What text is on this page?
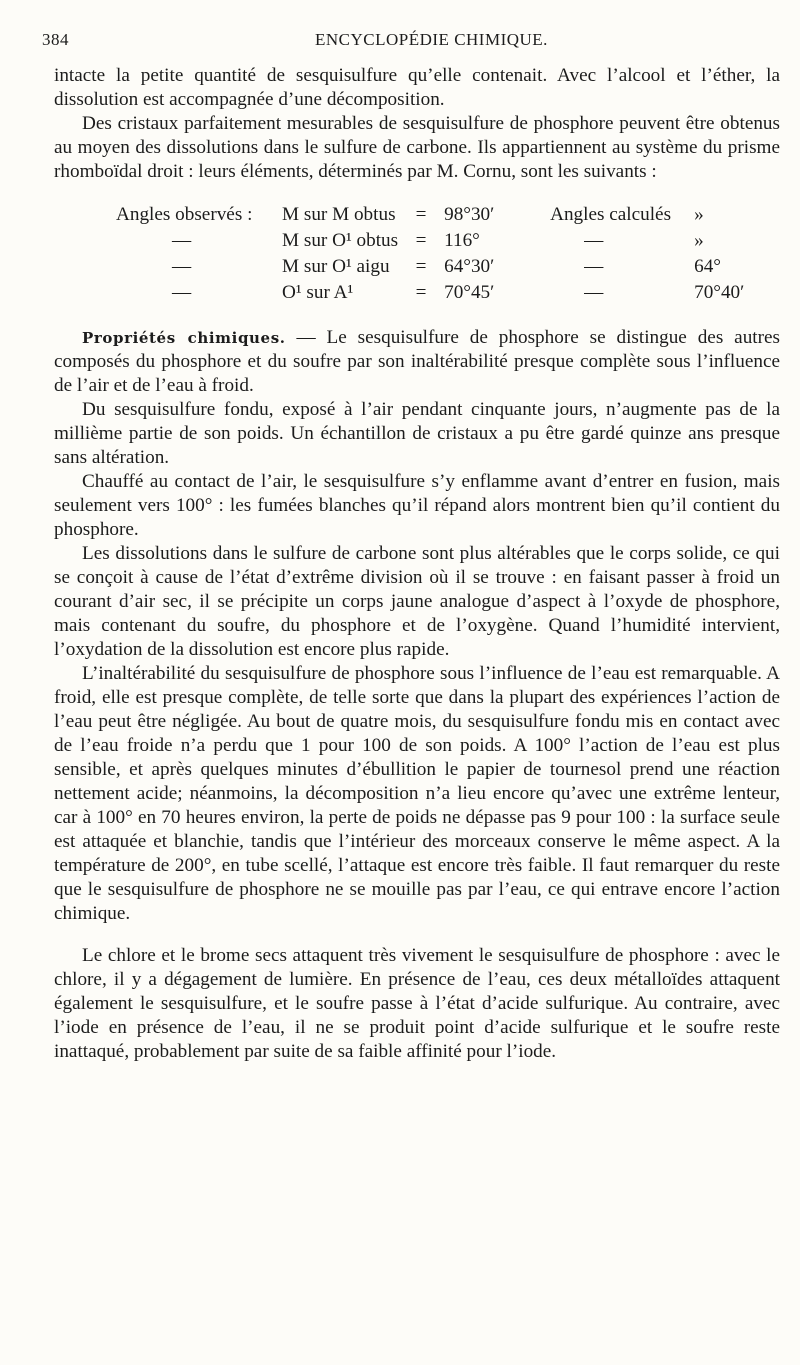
384	ENCYCLOPÉDIE CHIMIQUE.

intacte la petite quantité de sesquisulfure qu’elle contenait. Avec l’alcool et l’éther, la dissolution est accompagnée d’une décomposition.

Des cristaux parfaitement mesurables de sesquisulfure de phosphore peuvent être obtenus au moyen des dissolutions dans le sulfure de carbone. Ils appartiennent au système du prisme rhomboïdal droit : leurs éléments, déterminés par M. Cornu, sont les suivants :

Angles observés :	M sur M obtus	=	98°30′	Angles calculés	»
—	M sur O¹ obtus	=	116°	—	»
—	M sur O¹ aigu	=	64°30′	—	64°
—	O¹ sur A¹	=	70°45′	—	70°40′

Propriétés chimiques. — Le sesquisulfure de phosphore se distingue des autres composés du phosphore et du soufre par son inaltérabilité presque complète sous l’influence de l’air et de l’eau à froid.

Du sesquisulfure fondu, exposé à l’air pendant cinquante jours, n’augmente pas de la millième partie de son poids. Un échantillon de cristaux a pu être gardé quinze ans presque sans altération.

Chauffé au contact de l’air, le sesquisulfure s’y enflamme avant d’entrer en fusion, mais seulement vers 100° : les fumées blanches qu’il répand alors montrent bien qu’il contient du phosphore.

Les dissolutions dans le sulfure de carbone sont plus altérables que le corps solide, ce qui se conçoit à cause de l’état d’extrême division où il se trouve : en faisant passer à froid un courant d’air sec, il se précipite un corps jaune analogue d’aspect à l’oxyde de phosphore, mais contenant du soufre, du phosphore et de l’oxygène. Quand l’humidité intervient, l’oxydation de la dissolution est encore plus rapide.

L’inaltérabilité du sesquisulfure de phosphore sous l’influence de l’eau est remarquable. A froid, elle est presque complète, de telle sorte que dans la plupart des expériences l’action de l’eau peut être négligée. Au bout de quatre mois, du sesquisulfure fondu mis en contact avec de l’eau froide n’a perdu que 1 pour 100 de son poids. A 100° l’action de l’eau est plus sensible, et après quelques minutes d’ébullition le papier de tournesol prend une réaction nettement acide; néanmoins, la décomposition n’a lieu encore qu’avec une extrême lenteur, car à 100° en 70 heures environ, la perte de poids ne dépasse pas 9 pour 100 : la surface seule est attaquée et blanchie, tandis que l’intérieur des morceaux conserve le même aspect. A la température de 200°, en tube scellé, l’attaque est encore très faible. Il faut remarquer du reste que le sesquisulfure de phosphore ne se mouille pas par l’eau, ce qui entrave encore l’action chimique.

Le chlore et le brome secs attaquent très vivement le sesquisulfure de phosphore : avec le chlore, il y a dégagement de lumière. En présence de l’eau, ces deux métalloïdes attaquent également le sesquisulfure, et le soufre passe à l’état d’acide sulfurique. Au contraire, avec l’iode en présence de l’eau, il ne se produit point d’acide sulfurique et le soufre reste inattaqué, probablement par suite de sa faible affinité pour l’iode.
